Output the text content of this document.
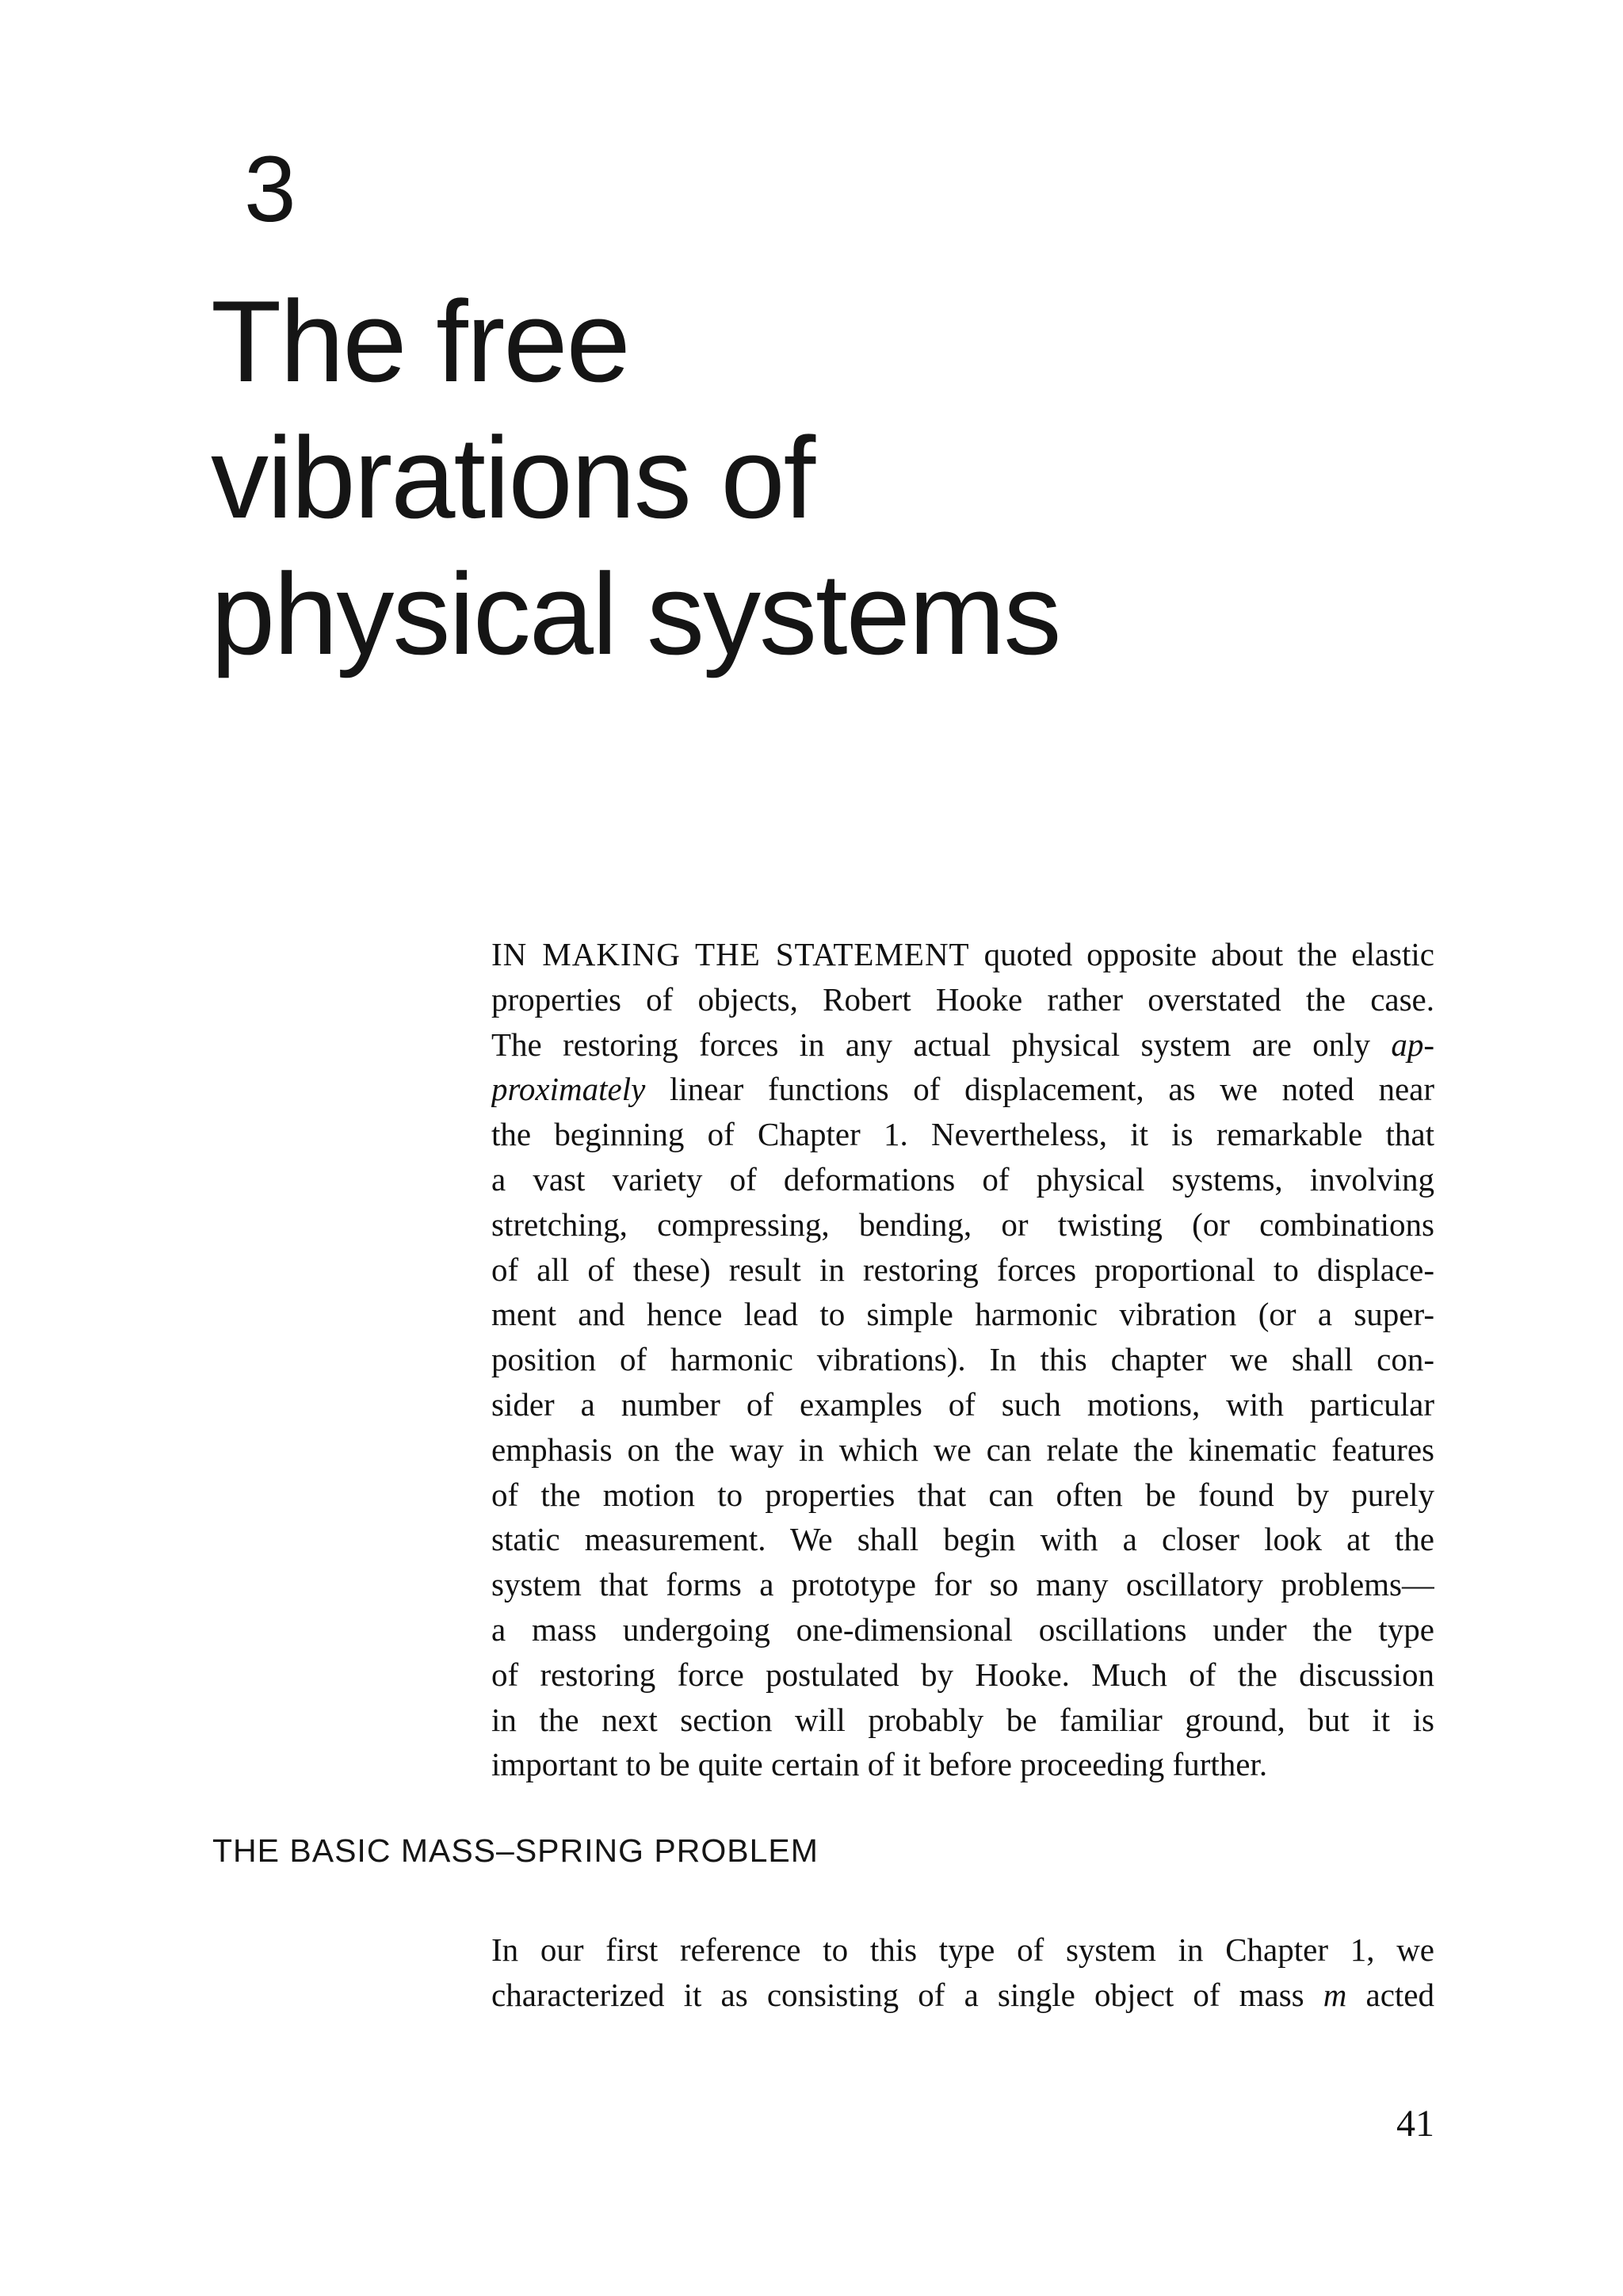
3
The free
vibrations of
physical systems
IN MAKING THE STATEMENT quoted opposite about the elastic
properties of objects, Robert Hooke rather overstated the case.
The restoring forces in any actual physical system are only ap-
proximately linear functions of displacement, as we noted near
the beginning of Chapter 1. Nevertheless, it is remarkable that
a vast variety of deformations of physical systems, involving
stretching, compressing, bending, or twisting (or combinations
of all of these) result in restoring forces proportional to displace-
ment and hence lead to simple harmonic vibration (or a super-
position of harmonic vibrations). In this chapter we shall con-
sider a number of examples of such motions, with particular
emphasis on the way in which we can relate the kinematic features
of the motion to properties that can often be found by purely
static measurement. We shall begin with a closer look at the
system that forms a prototype for so many oscillatory problems—
a mass undergoing one-dimensional oscillations under the type
of restoring force postulated by Hooke. Much of the discussion
in the next section will probably be familiar ground, but it is
important to be quite certain of it before proceeding further.
THE BASIC MASS–SPRING PROBLEM
In our first reference to this type of system in Chapter 1, we
characterized it as consisting of a single object of mass m acted
41
